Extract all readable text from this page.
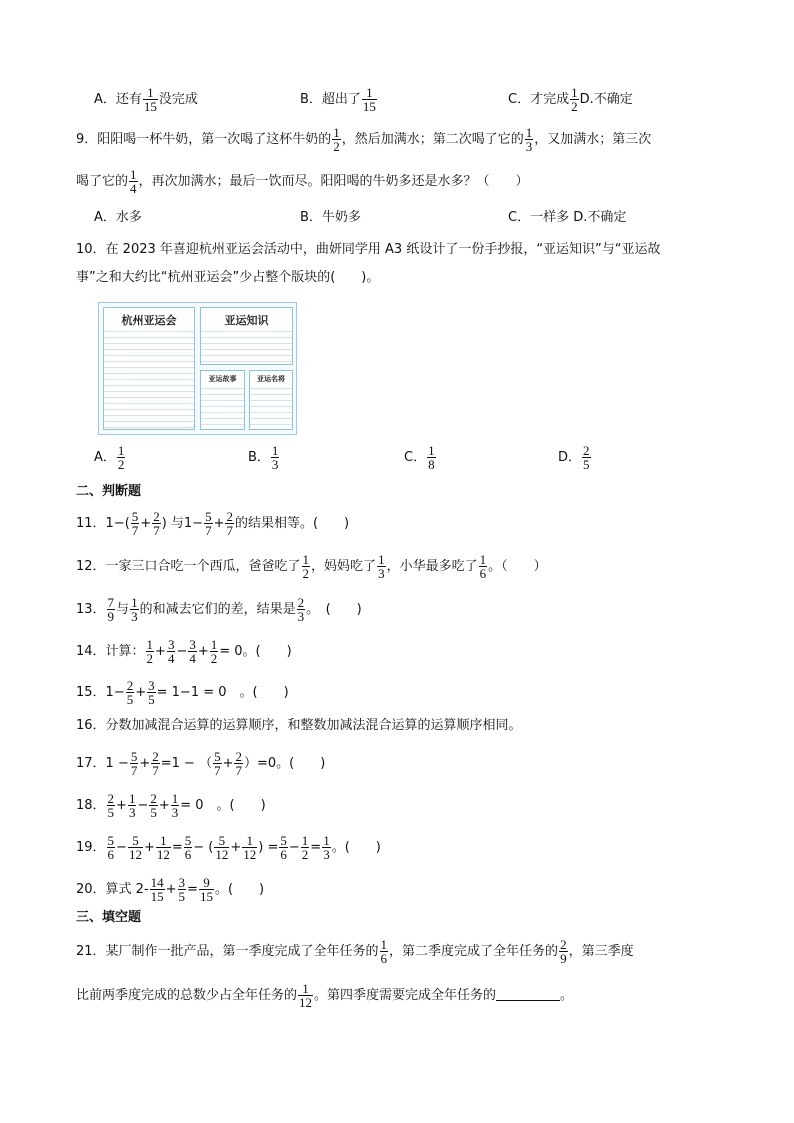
A．还有 $\frac{1}{15}$ 没完成	B．超出了 $\frac{1}{15}$	C．才完成 $\frac{1}{2} D$.不确定
9．阳阳喝一杯牛奶，第一次喝了这杯牛奶的 $\frac{1}{2}$ ，然后加满水；第二次喝了它的 $\frac{1}{3}$ ，又加满水；第三次
喝了它的 $\frac{1}{4}$ ，再次加满水；最后一饮而尽。阳阳喝的牛奶多还是水多？（　　）
A．水多	B．牛奶多	C．一样多 D.不确定
10．在 2023 年喜迎杭州亚运会活动中，曲妍同学用 A3 纸设计了一份手抄报，“亚运知识”与“亚运故
事”之和大约比“杭州亚运会”少占整个版块的(　　)。
杭州亚运会	亚运知识
亚运故事	亚运名将
A． $\frac{1}{2}$	B． $\frac{1}{3}$	C． $\frac{1}{8}$	D． $\frac{2}{5}$
二、判断题
11．$1-( \frac{5}{7} + \frac{2}{7}$ ) 与$1- \frac{5}{7} + \frac{2}{7}$ 的结果相等。(　　)
12．一家三口合吃一个西瓜，爸爸吃了 $\frac{1}{2}$ ，妈妈吃了 $\frac{1}{3}$ ，小华最多吃了 $\frac{1}{6}$ 。（　　）
13． $\frac{7}{9}$ 与 $\frac{1}{3}$ 的和减去它们的差，结果是 $\frac{2}{3}$ 。　(　　)
14．计算： $\frac{1}{2} + \frac{3}{4} - \frac{3}{4} + \frac{1}{2} = 0$。(　　)
15．$1- \frac{2}{5} + \frac{3}{5} = 1-1 = 0$　。(　　)
16．分数加减混合运算的运算顺序，和整数加减法混合运算的运算顺序相同。
17．$1 - \frac{5}{7} + \frac{2}{7} =1$ − （ $\frac{5}{7} + \frac{2}{7} )=0$。(　　)
18． $\frac{2}{5} + \frac{1}{3} - \frac{2}{5} + \frac{1}{3} = 0$　。(　　)
19． $\frac{5}{6} - \frac{5}{12} + \frac{1}{12} = \frac{5}{6}$ − ( $\frac{5}{12} + \frac{1}{12}$ ) = $\frac{5}{6} - \frac{1}{2} = \frac{1}{3}$ 。(　　)
20．算式 $2- \frac{14}{15} + \frac{3}{5} = \frac{9}{15}$ 。(　　)
三、填空题
21．某厂制作一批产品，第一季度完成了全年任务的 $\frac{1}{6}$ ，第二季度完成了全年任务的 $\frac{2}{9}$ ，第三季度
比前两季度完成的总数少占全年任务的 $\frac{1}{12}$ 。第四季度需要完成全年任务的	。
